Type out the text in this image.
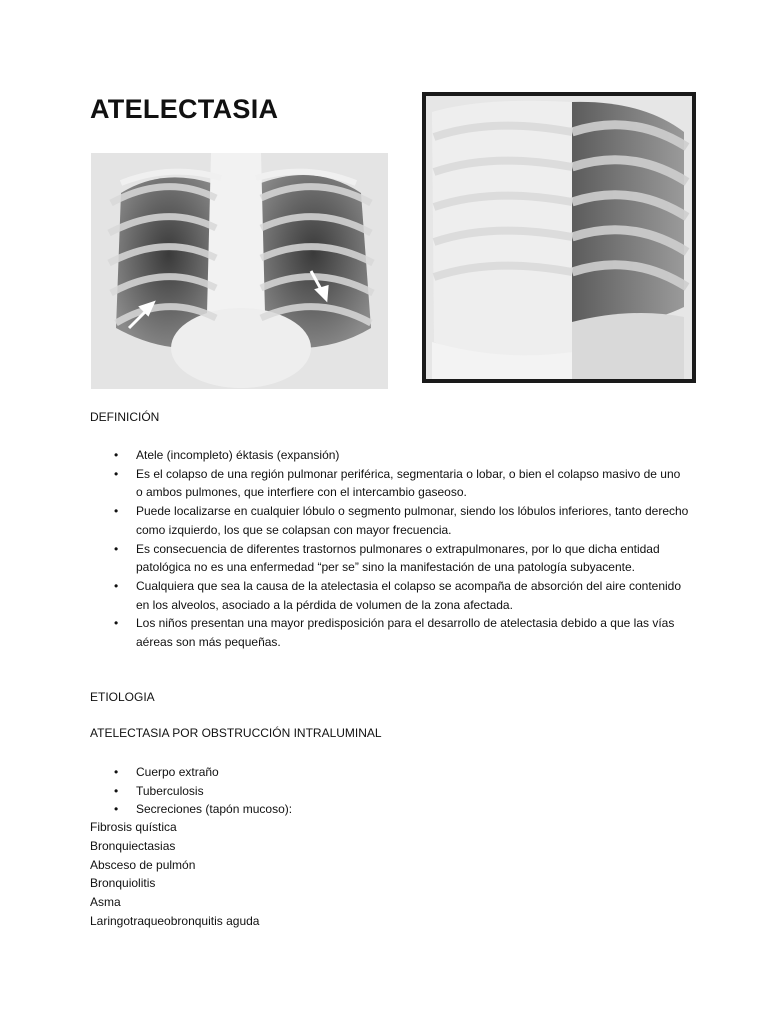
ATELECTASIA
DEFINICIÓN
• Atele (incompleto) éktasis (expansión)
• Es el colapso de una región pulmonar periférica, segmentaria o lobar, o bien el colapso masivo de uno o ambos pulmones, que interfiere con el intercambio gaseoso.
• Puede localizarse en cualquier lóbulo o segmento pulmonar, siendo los lóbulos inferiores, tanto derecho como izquierdo, los que se colapsan con mayor frecuencia.
• Es consecuencia de diferentes trastornos pulmonares o extrapulmonares, por lo que dicha entidad patológica no es una enfermedad “per se” sino la manifestación de una patología subyacente.
• Cualquiera que sea la causa de la atelectasia el colapso se acompaña de absorción del aire contenido en los alveolos, asociado a la pérdida de volumen de la zona afectada.
• Los niños presentan una mayor predisposición para el desarrollo de atelectasia debido a que las vías aéreas son más pequeñas.
ETIOLOGIA
ATELECTASIA POR OBSTRUCCIÓN INTRALUMINAL
• Cuerpo extraño
• Tuberculosis
• Secreciones (tapón mucoso):
Fibrosis quística
Bronquiectasias
Absceso de pulmón
Bronquiolitis
Asma
Laringotraqueobronquitis aguda
